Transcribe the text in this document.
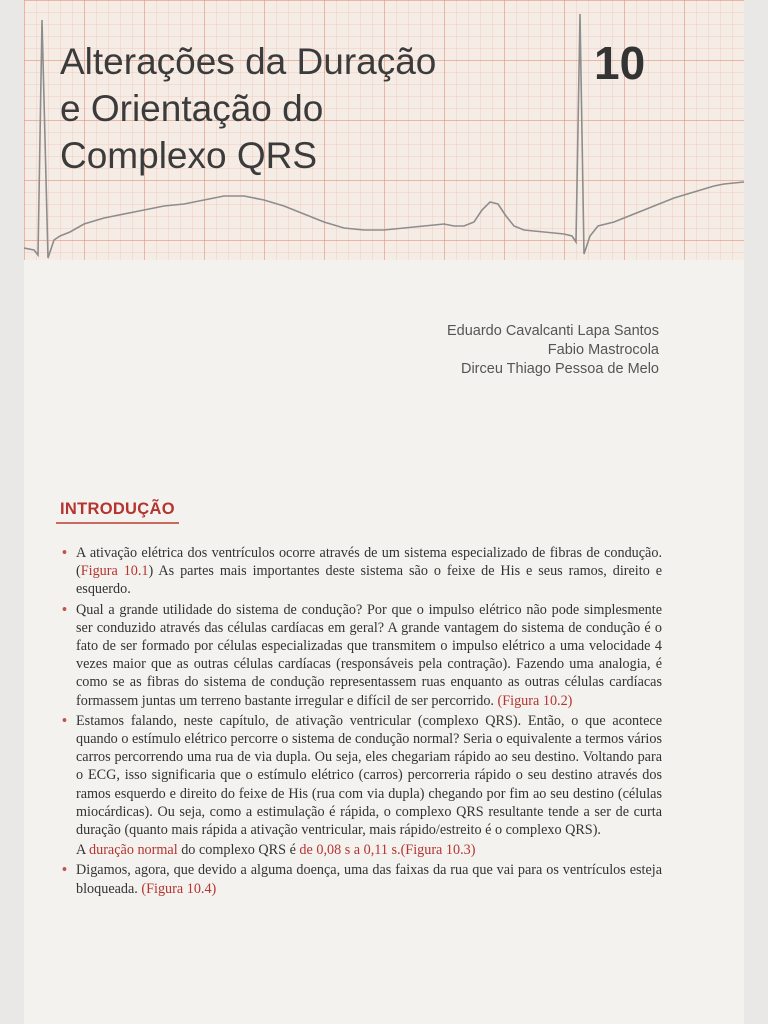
Alterações da Duração
e Orientação do
Complexo QRS
10
Eduardo Cavalcanti Lapa Santos
Fabio Mastrocola
Dirceu Thiago Pessoa de Melo
INTRODUÇÃO

• A ativação elétrica dos ventrículos ocorre através de um sistema especializado de fibras de condução. (Figura 10.1) As partes mais importantes deste sistema são o feixe de His e seus ramos, direito e esquerdo.

• Qual a grande utilidade do sistema de condução? Por que o impulso elétrico não pode simplesmente ser conduzido através das células cardíacas em geral? A grande vantagem do sistema de condução é o fato de ser formado por células especializadas que transmitem o impulso elétrico a uma velocidade 4 vezes maior que as outras células cardíacas (responsáveis pela contração). Fazendo uma analogia, é como se as fibras do sistema de condução representassem ruas enquanto as outras células cardíacas formassem juntas um terreno bastante irregular e difícil de ser percorrido. (Figura 10.2)

• Estamos falando, neste capítulo, de ativação ventricular (complexo QRS). Então, o que acontece quando o estímulo elétrico percorre o sistema de condução normal? Seria o equivalente a termos vários carros percorrendo uma rua de via dupla. Ou seja, eles chegariam rápido ao seu destino. Voltando para o ECG, isso significaria que o estímulo elétrico (carros) percorreria rápido o seu destino através dos ramos esquerdo e direito do feixe de His (rua com via dupla) chegando por fim ao seu destino (células miocárdicas). Ou seja, como a estimulação é rápida, o complexo QRS resultante tende a ser de curta duração (quanto mais rápida a ativação ventricular, mais rápido/estreito é o complexo QRS).

A duração normal do complexo QRS é de 0,08 s a 0,11 s.(Figura 10.3)

• Digamos, agora, que devido a alguma doença, uma das faixas da rua que vai para os ventrículos esteja bloqueada. (Figura 10.4)
